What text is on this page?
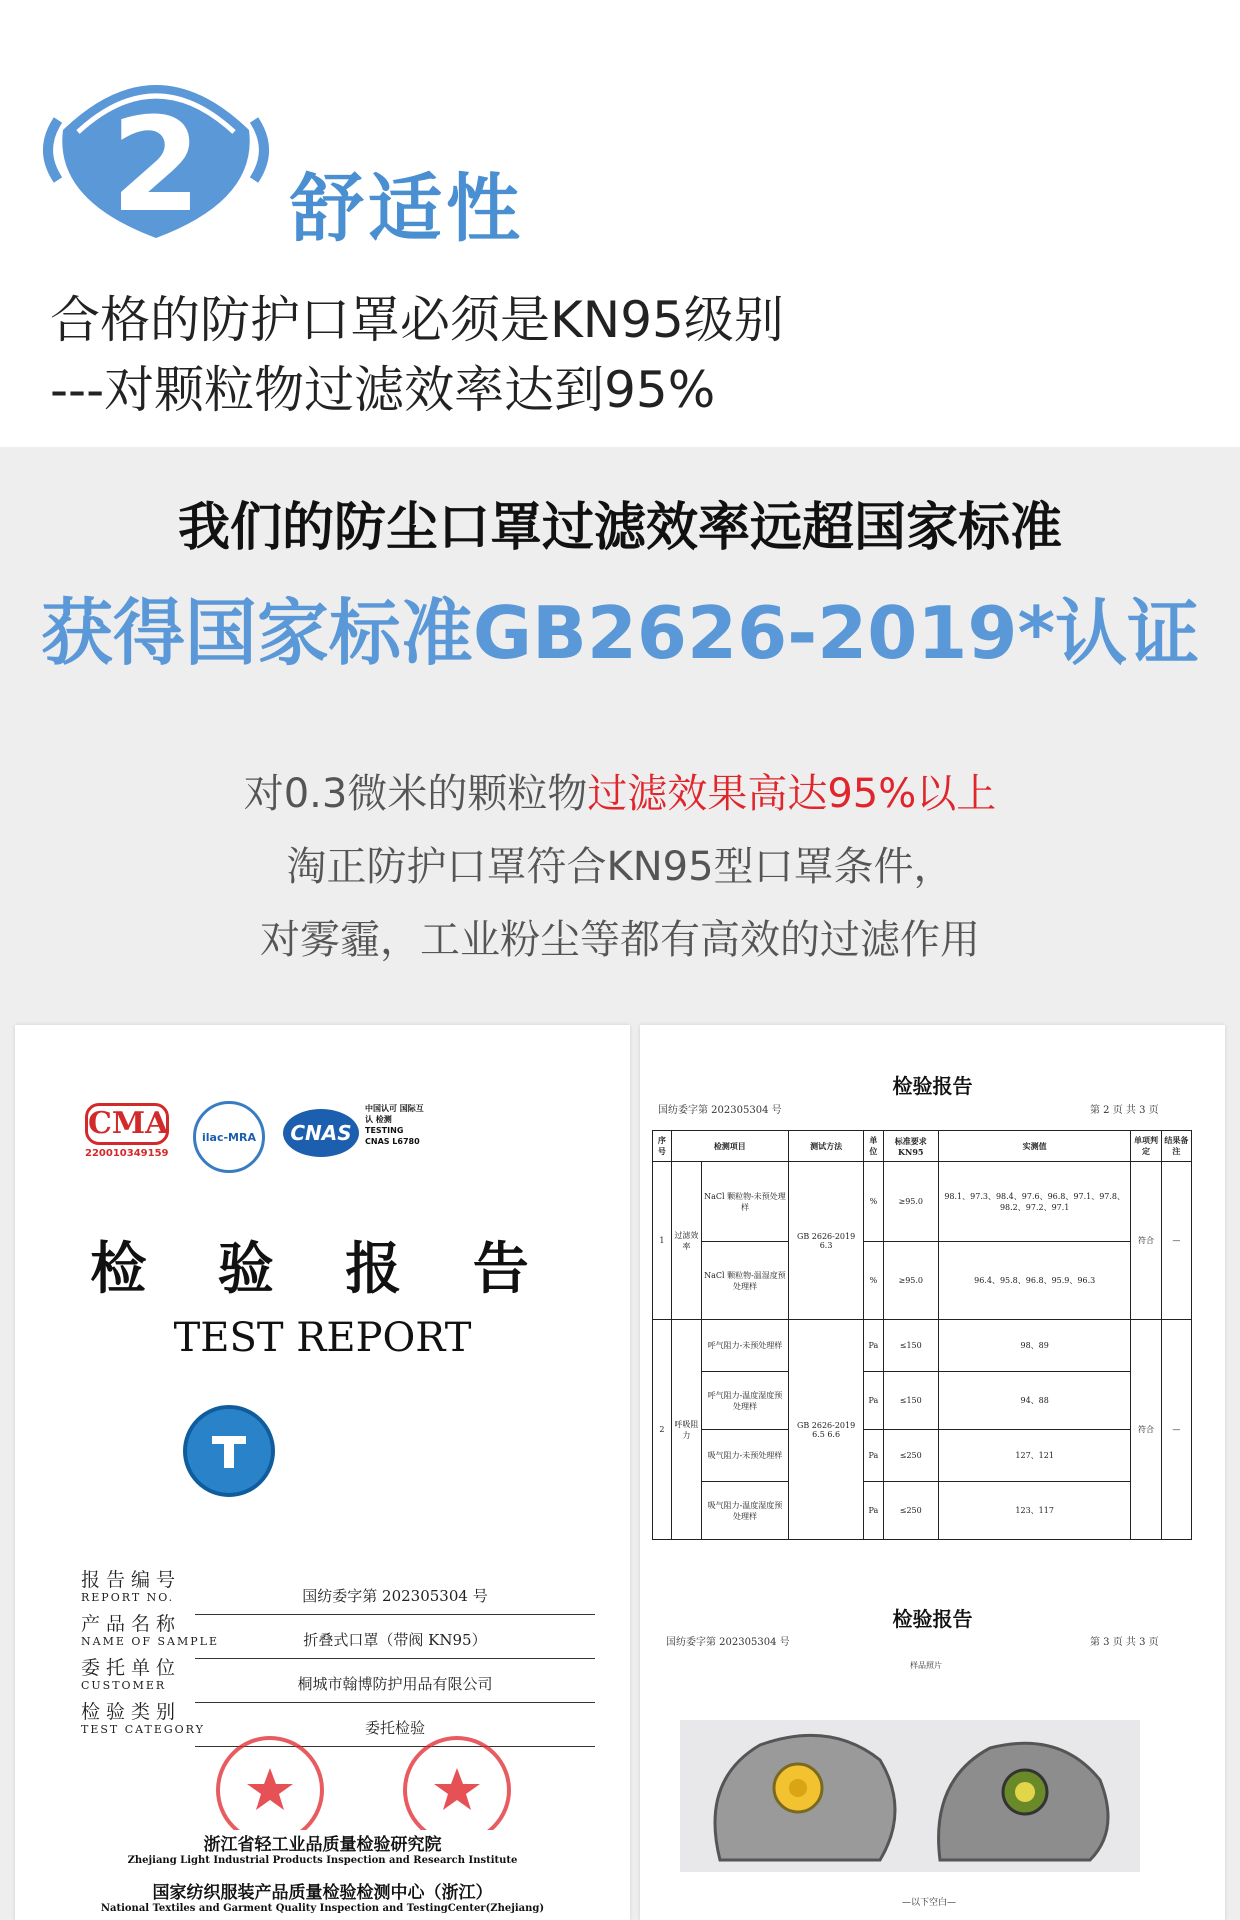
2 舒适性
合格的防护口罩必须是KN95级别
---对颗粒物过滤效率达到95%
我们的防尘口罩过滤效率远超国家标准
获得国家标准GB2626-2019*认证
对0.3微米的颗粒物过滤效果高达95%以上
淘正防护口罩符合KN95型口罩条件，
对雾霾，工业粉尘等都有高效的过滤作用
CMA
220010349159
ilac-MRA CNAS
中国认可 国际互认 检测
TESTING
CNAS L6780
检 验 报 告
TEST REPORT
报告编号
REPORT NO.	国纺委字第 202305304 号
产品名称
NAME OF SAMPLE	折叠式口罩（带阀 KN95）
委托单位
CUSTOMER	桐城市翰博防护用品有限公司
检验类别
TEST CATEGORY	委托检验
浙江省轻工业品质量检验研究院
Zhejiang Light Industrial Products Inspection and Research Institute
国家纺织服装产品质量检验检测中心（浙江）
National Textiles and Garment Quality Inspection and TestingCenter(Zhejiang)
检验报告
国纺委字第 202305304 号	第 2 页 共 3 页
序号	检测项目		测试方法	单位	标准要求 KN95	实测值	单项判定	结果备注
1	过滤效率	NaCl 颗粒物-未预处理样	GB 2626-2019 6.3	%	≥95.0	98.1、97.3、98.4、97.6、96.8、97.1、97.8、98.2、97.2、97.1	符合	—
		NaCl 颗粒物-温湿度预处理样		%	≥95.0	96.4、95.8、96.8、95.9、96.3		
2	呼吸阻力	呼气阻力-未预处理样	GB 2626-2019 6.5 6.6	Pa	≤150	98、89	符合	—
		呼气阻力-温度湿度预处理样		Pa	≤150	94、88		
		吸气阻力-未预处理样		Pa	≤250	127、121		
		吸气阻力-温度湿度预处理样		Pa	≤250	123、117		
检验报告
国纺委字第 202305304 号	第 3 页 共 3 页
样品照片
—以下空白—
